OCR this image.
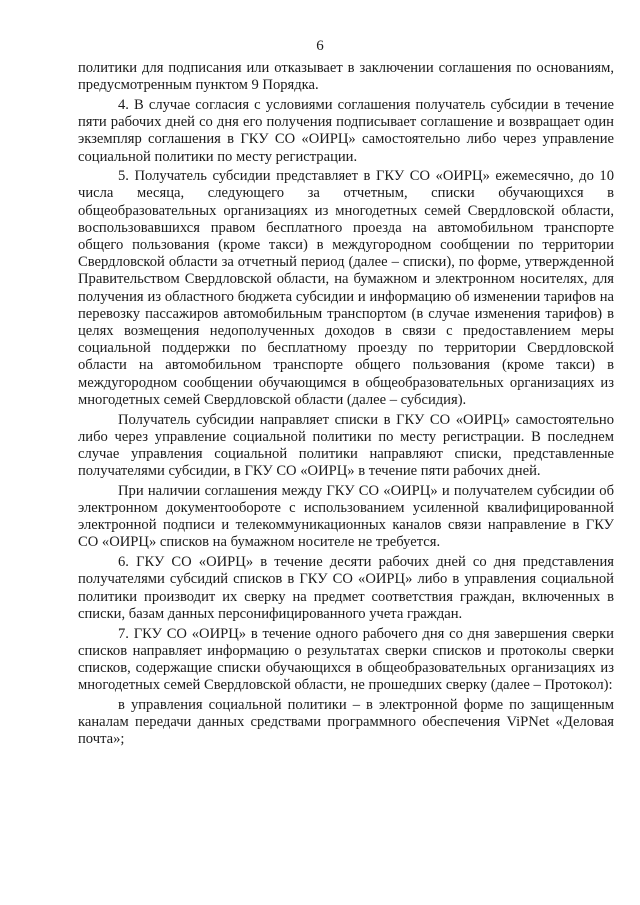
6

политики для подписания или отказывает в заключении соглашения по основаниям, предусмотренным пунктом 9 Порядка.

4. В случае согласия с условиями соглашения получатель субсидии в течение пяти рабочих дней со дня его получения подписывает соглашение и возвращает один экземпляр соглашения в ГКУ СО «ОИРЦ» самостоятельно либо через управление социальной политики по месту регистрации.

5. Получатель субсидии представляет в ГКУ СО «ОИРЦ» ежемесячно, до 10 числа месяца, следующего за отчетным, списки обучающихся в общеобразовательных организациях из многодетных семей Свердловской области, воспользовавшихся правом бесплатного проезда на автомобильном транспорте общего пользования (кроме такси) в междугородном сообщении по территории Свердловской области за отчетный период (далее – списки), по форме, утвержденной Правительством Свердловской области, на бумажном и электронном носителях, для получения из областного бюджета субсидии и информацию об изменении тарифов на перевозку пассажиров автомобильным транспортом (в случае изменения тарифов) в целях возмещения недополученных доходов в связи с предоставлением меры социальной поддержки по бесплатному проезду по территории Свердловской области на автомобильном транспорте общего пользования (кроме такси) в междугородном сообщении обучающимся в общеобразовательных организациях из многодетных семей Свердловской области (далее – субсидия).

Получатель субсидии направляет списки в ГКУ СО «ОИРЦ» самостоятельно либо через управление социальной политики по месту регистрации. В последнем случае управления социальной политики направляют списки, представленные получателями субсидии, в ГКУ СО «ОИРЦ» в течение пяти рабочих дней.

При наличии соглашения между ГКУ СО «ОИРЦ» и получателем субсидии об электронном документообороте с использованием усиленной квалифицированной электронной подписи и телекоммуникационных каналов связи направление в ГКУ СО «ОИРЦ» списков на бумажном носителе не требуется.

6. ГКУ СО «ОИРЦ» в течение десяти рабочих дней со дня представления получателями субсидий списков в ГКУ СО «ОИРЦ» либо в управления социальной политики производит их сверку на предмет соответствия граждан, включенных в списки, базам данных персонифицированного учета граждан.

7. ГКУ СО «ОИРЦ» в течение одного рабочего дня со дня завершения сверки списков направляет информацию о результатах сверки списков и протоколы сверки списков, содержащие списки обучающихся в общеобразовательных организациях из многодетных семей Свердловской области, не прошедших сверку (далее – Протокол):

в управления социальной политики – в электронной форме по защищенным каналам передачи данных средствами программного обеспечения ViPNet «Деловая почта»;
